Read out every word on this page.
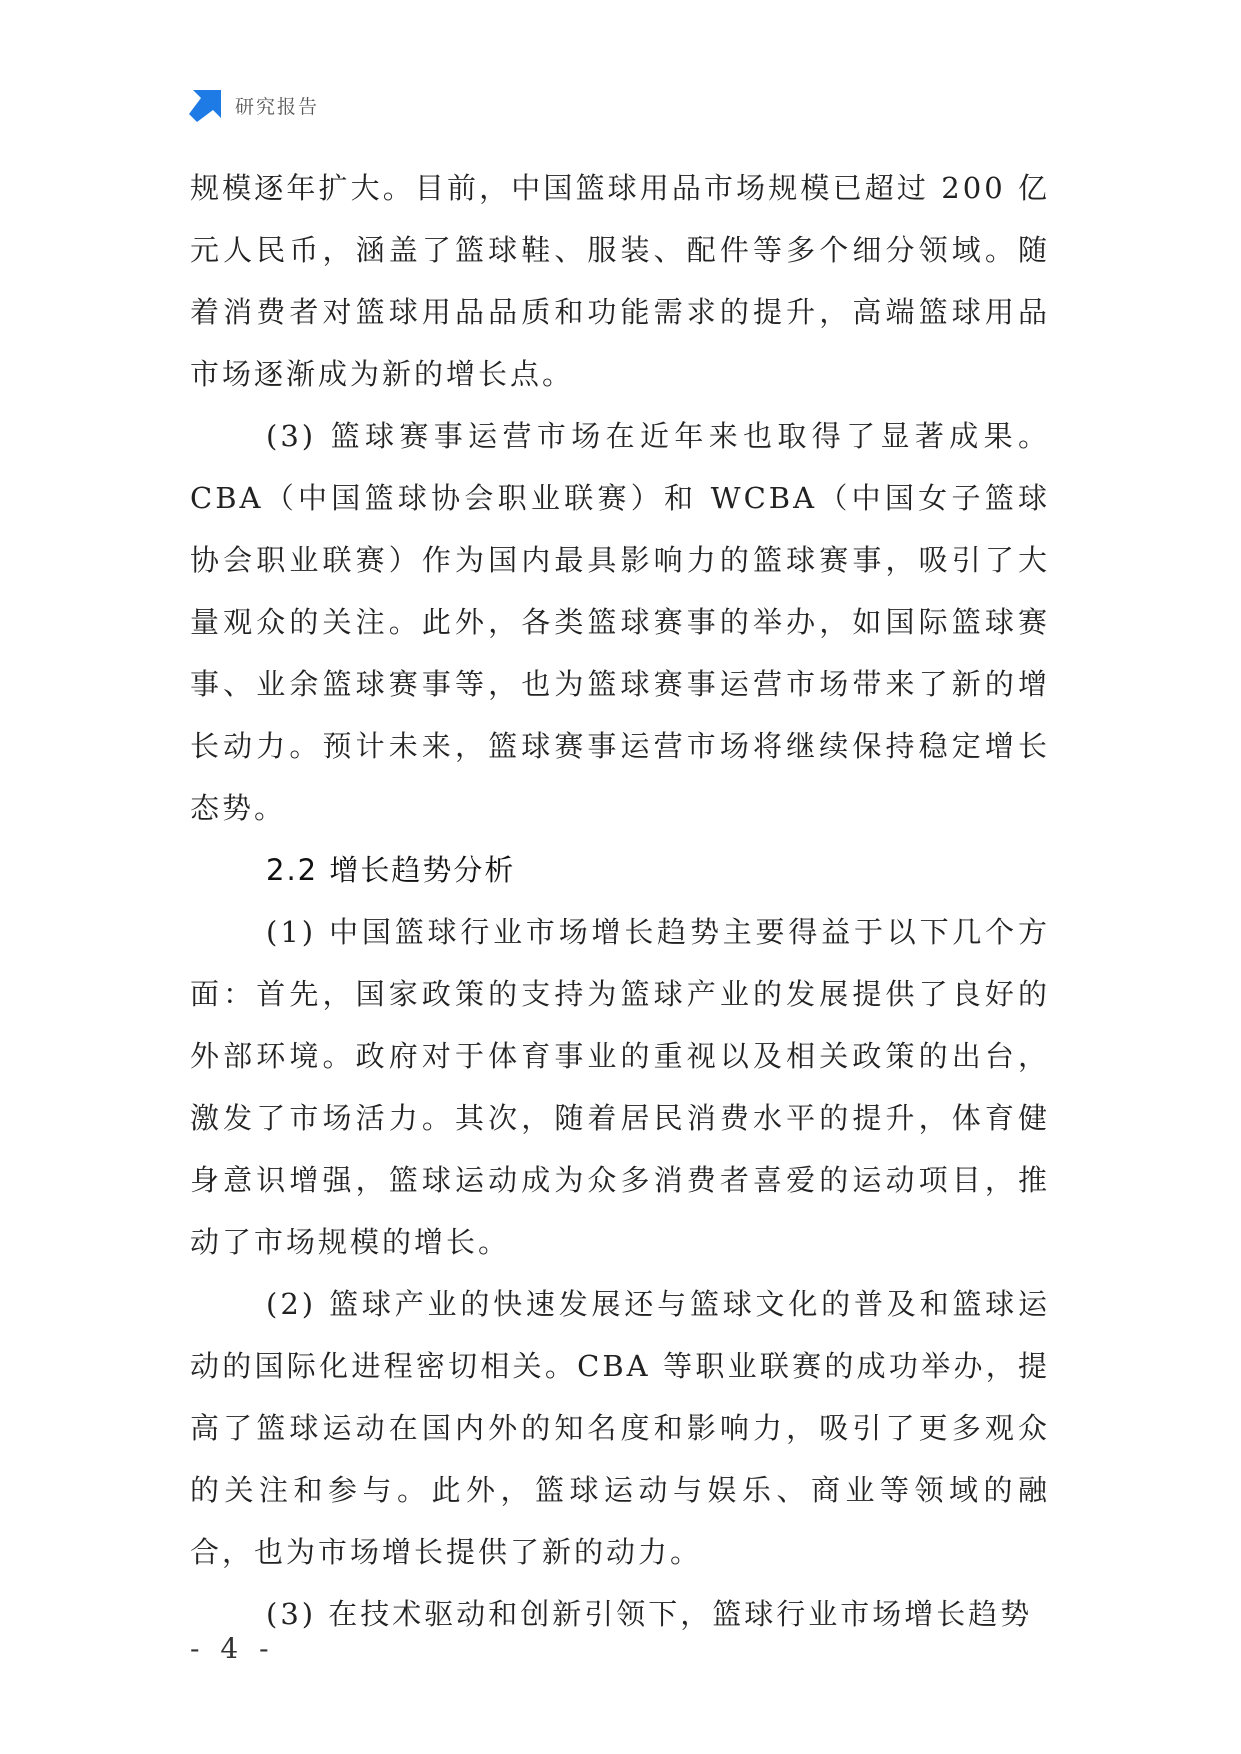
研究报告

规模逐年扩大。目前，中国篮球用品市场规模已超过 200 亿元人民币，涵盖了篮球鞋、服装、配件等多个细分领域。随着消费者对篮球用品品质和功能需求的提升，高端篮球用品市场逐渐成为新的增长点。

(3) 篮球赛事运营市场在近年来也取得了显著成果。CBA（中国篮球协会职业联赛）和 WCBA（中国女子篮球协会职业联赛）作为国内最具影响力的篮球赛事，吸引了大量观众的关注。此外，各类篮球赛事的举办，如国际篮球赛事、业余篮球赛事等，也为篮球赛事运营市场带来了新的增长动力。预计未来，篮球赛事运营市场将继续保持稳定增长态势。

2.2 增长趋势分析

(1) 中国篮球行业市场增长趋势主要得益于以下几个方面：首先，国家政策的支持为篮球产业的发展提供了良好的外部环境。政府对于体育事业的重视以及相关政策的出台，激发了市场活力。其次，随着居民消费水平的提升，体育健身意识增强，篮球运动成为众多消费者喜爱的运动项目，推动了市场规模的增长。

(2) 篮球产业的快速发展还与篮球文化的普及和篮球运动的国际化进程密切相关。CBA 等职业联赛的成功举办，提高了篮球运动在国内外的知名度和影响力，吸引了更多观众的关注和参与。此外，篮球运动与娱乐、商业等领域的融合，也为市场增长提供了新的动力。

(3) 在技术驱动和创新引领下，篮球行业市场增长趋势

- 4 -
